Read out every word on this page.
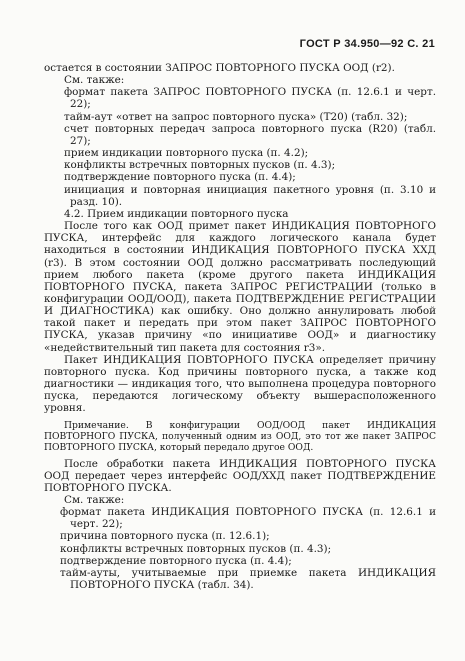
ГОСТ Р 34.950—92 С. 21

остается в состоянии ЗАПРОС ПОВТОРНОГО ПУСКА ООД (r2).

См. также:

формат пакета ЗАПРОС ПОВТОРНОГО ПУСКА (п. 12.6.1 и черт. 22);

тайм-аут «ответ на запрос повторного пуска» (T20) (табл. 32);

счет повторных передач запроса повторного пуска (R20) (табл. 27);

прием индикации повторного пуска (п. 4.2);

конфликты встречных повторных пусков (п. 4.3);

подтверждение повторного пуска (п. 4.4);

инициация и повторная инициация пакетного уровня (п. 3.10 и разд. 10).

4.2. Прием индикации повторного пуска

После того как ООД примет пакет ИНДИКАЦИЯ ПОВТОРНОГО ПУСКА, интерфейс для каждого логического канала будет находиться в состоянии ИНДИКАЦИЯ ПОВТОРНОГО ПУСКА ХХД (r3). В этом состоянии ООД должно рассматривать последующий прием любого пакета (кроме другого пакета ИНДИКАЦИЯ ПОВТОРНОГО ПУСКА, пакета ЗАПРОС РЕГИСТРАЦИИ (только в конфигурации ООД/ООД), пакета ПОДТВЕРЖДЕНИЕ РЕГИСТРАЦИИ И ДИАГНОСТИКА) как ошибку. Оно должно аннулировать любой такой пакет и передать при этом пакет ЗАПРОС ПОВТОРНОГО ПУСКА, указав причину «по инициативе ООД» и диагностику «недействительный тип пакета для состояния r3».

Пакет ИНДИКАЦИЯ ПОВТОРНОГО ПУСКА определяет причину повторного пуска. Код причины повторного пуска, а также код диагностики — индикация того, что выполнена процедура повторного пуска, передаются логическому объекту вышерасположенного уровня.

Примечание. В конфигурации ООД/ООД пакет ИНДИКАЦИЯ ПОВТОРНОГО ПУСКА, полученный одним из ООД, это тот же пакет ЗАПРОС ПОВТОРНОГО ПУСКА, который передало другое ООД.

После обработки пакета ИНДИКАЦИЯ ПОВТОРНОГО ПУСКА ООД передает через интерфейс ООД/ХХД пакет ПОДТВЕРЖДЕНИЕ ПОВТОРНОГО ПУСКА.

См. также:

формат пакета ИНДИКАЦИЯ ПОВТОРНОГО ПУСКА (п. 12.6.1 и черт. 22);

причина повторного пуска (п. 12.6.1);

конфликты встречных повторных пусков (п. 4.3);

подтверждение повторного пуска (п. 4.4);

тайм-ауты, учитываемые при приемке пакета ИНДИКАЦИЯ ПОВТОРНОГО ПУСКА (табл. 34).
